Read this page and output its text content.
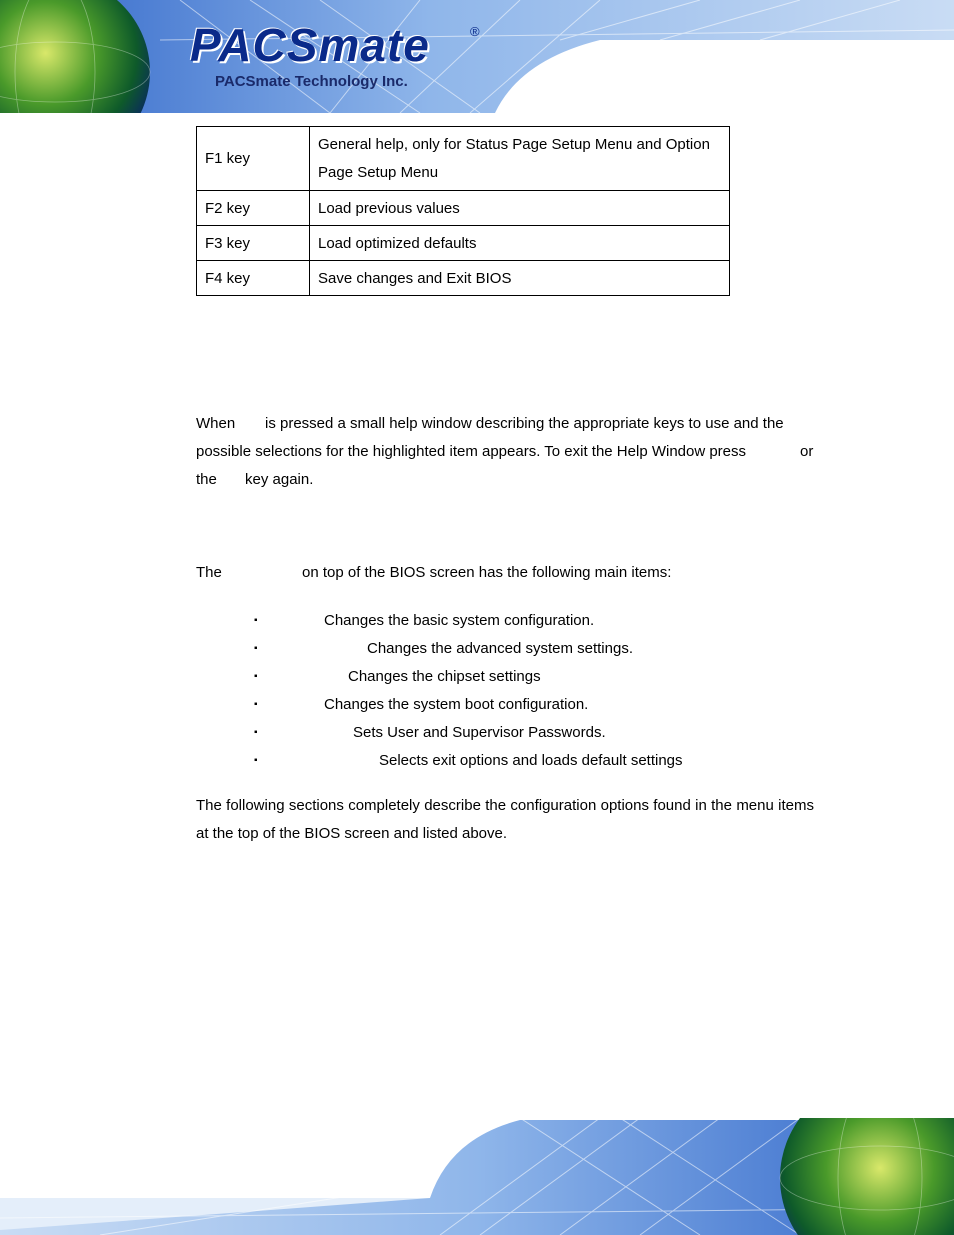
PACSmate	®
PACSmate Technology Inc.
F1 key	General help, only for Status Page Setup Menu and Option Page Setup Menu
F2 key	Load previous values
F3 key	Load optimized defaults
F4 key	Save changes and Exit BIOS
When is pressed a small help window describing the appropriate keys to use and the
possible selections for the highlighted item appears. To exit the Help Window press	or
the key again.
The	on top of the BIOS screen has the following main items:
▪	Changes the basic system configuration.
▪	Changes the advanced system settings.
▪	Changes the chipset settings
▪	Changes the system boot configuration.
▪	Sets User and Supervisor Passwords.
▪	Selects exit options and loads default settings

The following sections completely describe the configuration options found in the menu items at the top of the BIOS screen and listed above.
